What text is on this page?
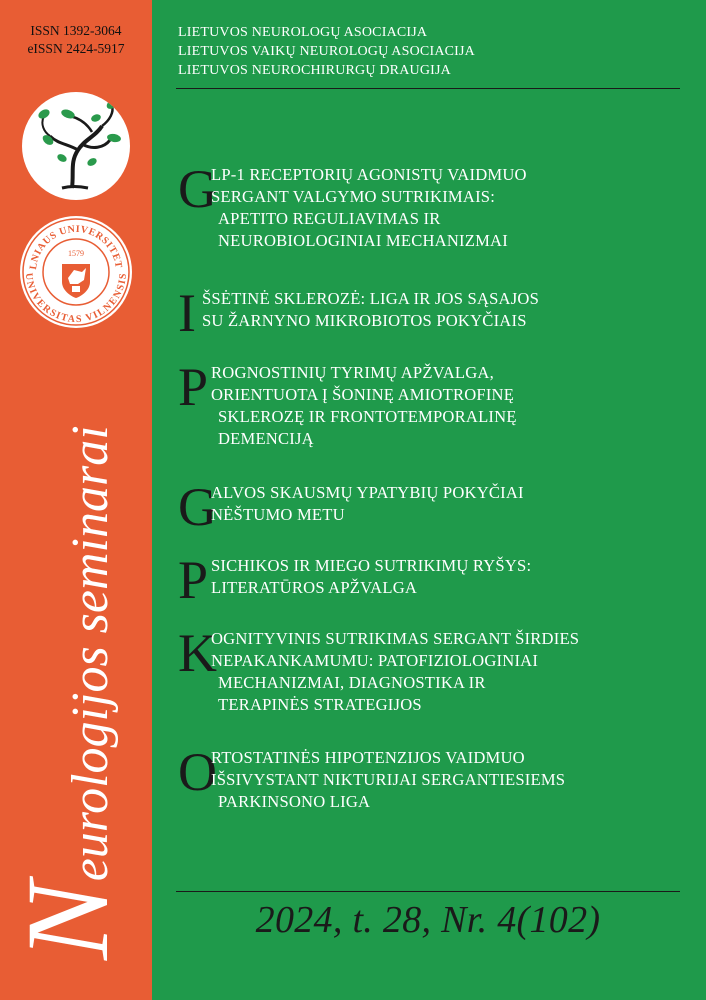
ISSN 1392-3064
eISSN 2424-5917
LNIAUS UNIVERSITET
UNIVERSITAS VILNENSIS
1579
Neurologijos seminarai
LIETUVOS NEUROLOGŲ ASOCIACIJA
LIETUVOS VAIKŲ NEUROLOGŲ ASOCIACIJA
LIETUVOS NEUROCHIRURGŲ DRAUGIJA
G
LP-1 RECEPTORIŲ AGONISTŲ VAIDMUO
SERGANT VALGYMO SUTRIKIMAIS:
APETITO REGULIAVIMAS IR
NEUROBIOLOGINIAI MECHANIZMAI
I ŠSĖTINĖ SKLEROZĖ: LIGA IR JOS SĄSAJOS
SU ŽARNYNO MIKROBIOTOS POKYČIAIS
P ROGNOSTINIŲ TYRIMŲ APŽVALGA,
ORIENTUOTA Į ŠONINĘ AMIOTROFINĘ
SKLEROZĘ IR FRONTOTEMPORALINĘ
DEMENCIJĄ
G
ALVOS SKAUSMŲ YPATYBIŲ POKYČIAI
NĖŠTUMO METU
P SICHIKOS IR MIEGO SUTRIKIMŲ RYŠYS:
LITERATŪROS APŽVALGA
K
OGNITYVINIS SUTRIKIMAS SERGANT ŠIRDIES
NEPAKANKAMUMU: PATOFIZIOLOGINIAI
MECHANIZMAI, DIAGNOSTIKA IR
TERAPINĖS STRATEGIJOS
O
RTOSTATINĖS HIPOTENZIJOS VAIDMUO
IŠSIVYSTANT NIKTURIJAI SERGANTIESIEMS
PARKINSONO LIGA
2024, t. 28, Nr. 4(102)
